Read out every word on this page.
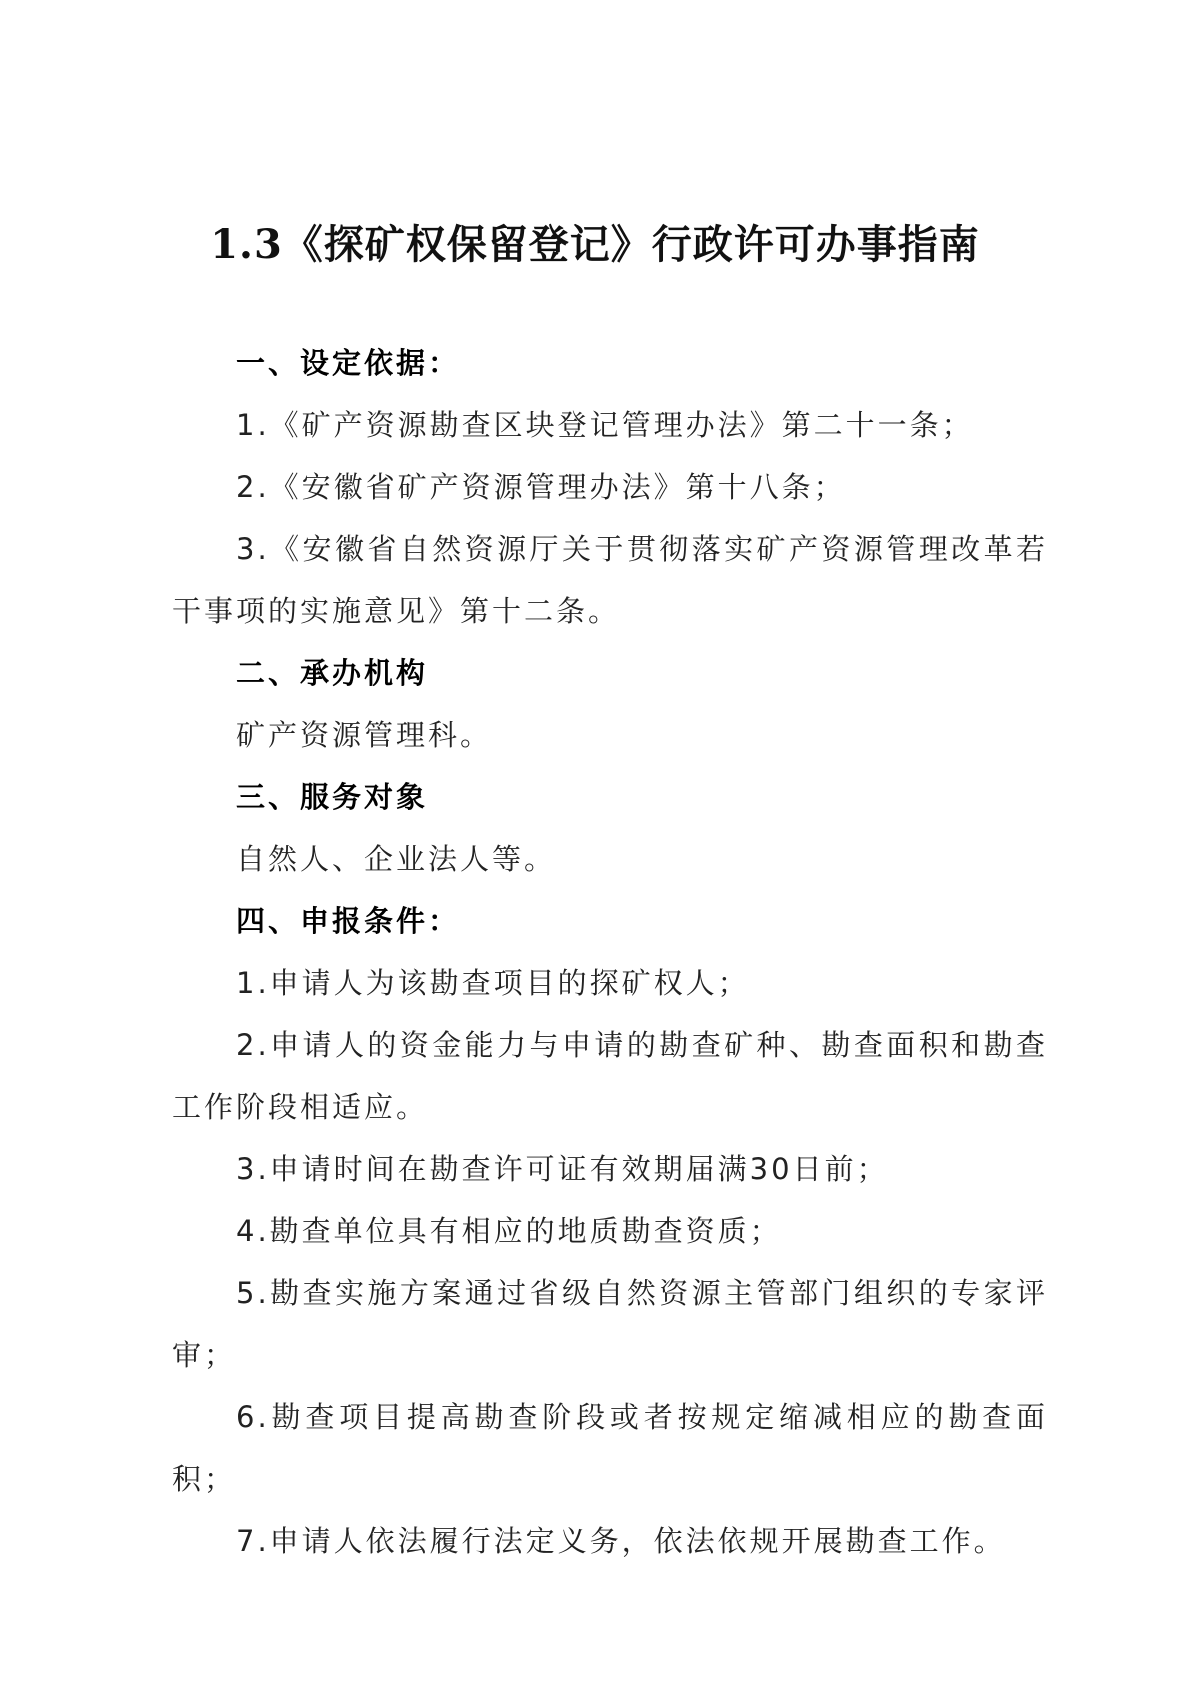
1.3《探矿权保留登记》行政许可办事指南

一、设定依据：

1.《矿产资源勘查区块登记管理办法》第二十一条；

2.《安徽省矿产资源管理办法》第十八条；

3.《安徽省自然资源厅关于贯彻落实矿产资源管理改革若干事项的实施意见》第十二条。

二、承办机构

矿产资源管理科。

三、服务对象

自然人、企业法人等。

四、申报条件：

1.申请人为该勘查项目的探矿权人；

2.申请人的资金能力与申请的勘查矿种、勘查面积和勘查工作阶段相适应。

3.申请时间在勘查许可证有效期届满30日前；

4.勘查单位具有相应的地质勘查资质；

5.勘查实施方案通过省级自然资源主管部门组织的专家评审；

6.勘查项目提高勘查阶段或者按规定缩减相应的勘查面积；

7.申请人依法履行法定义务，依法依规开展勘查工作。
